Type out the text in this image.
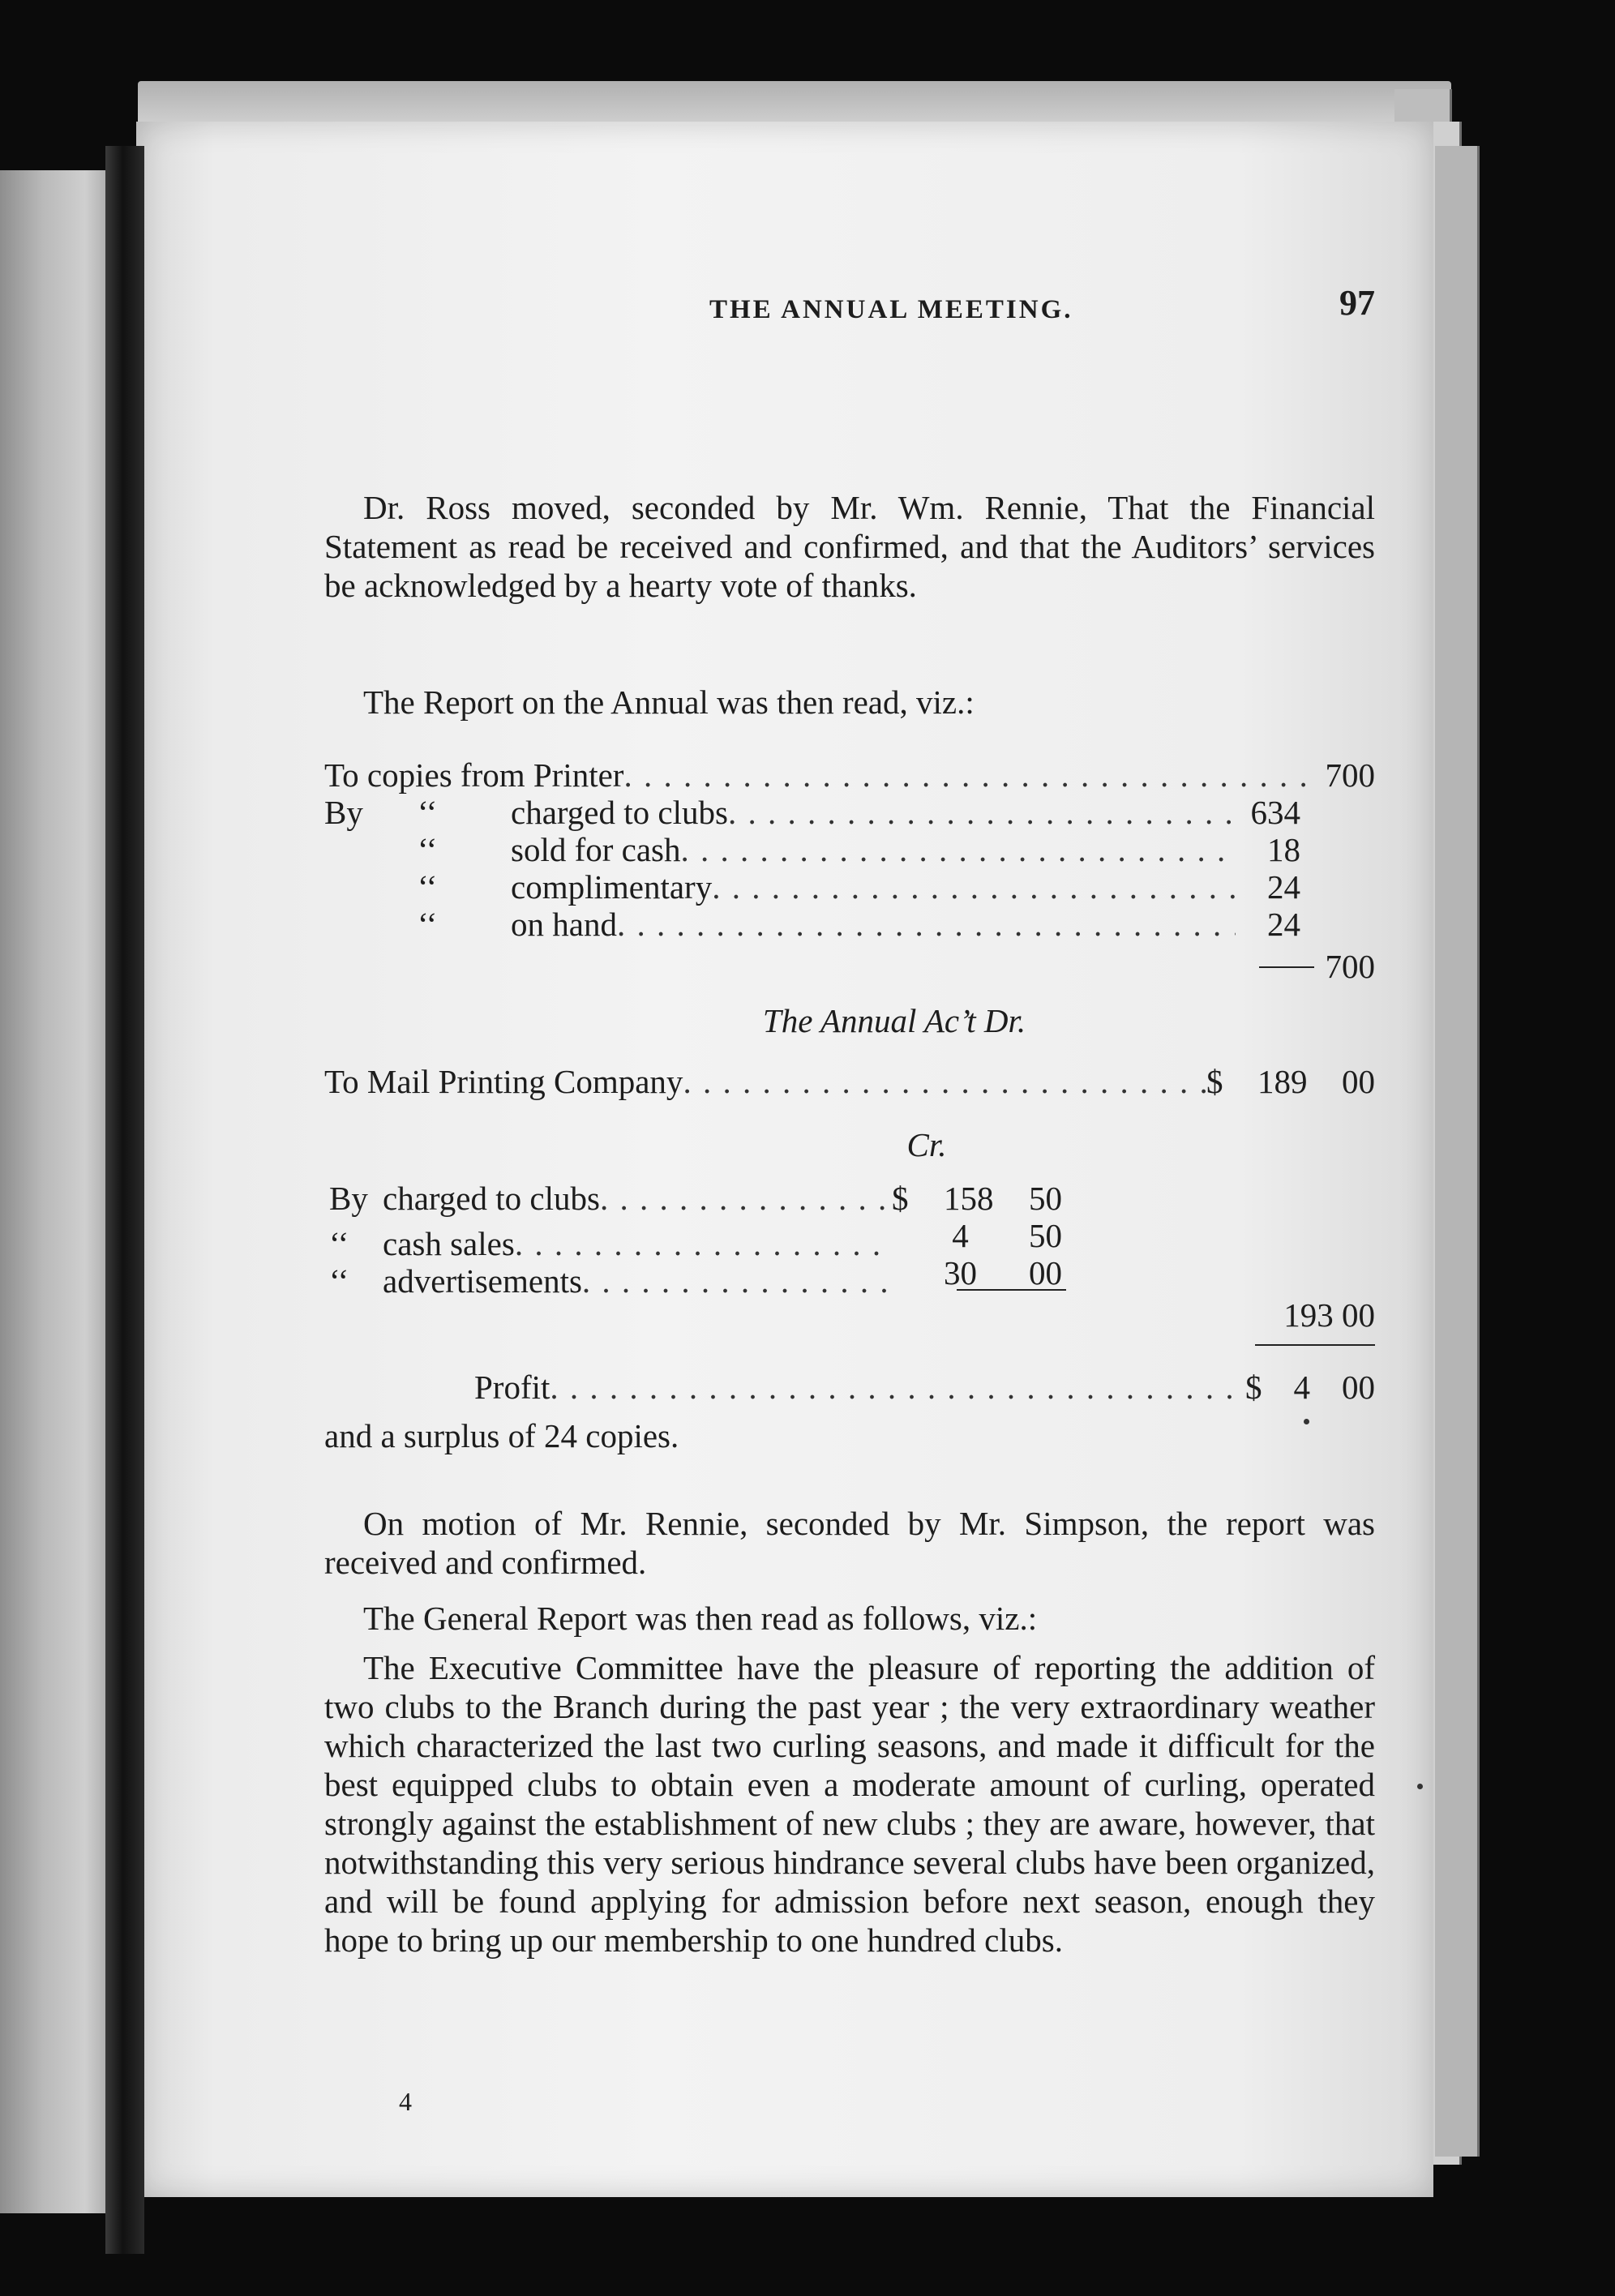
THE ANNUAL MEETING.	97

Dr. Ross moved, seconded by Mr. Wm. Rennie, That the Financial Statement as read be received and confirmed, and that the Auditors’ services be acknowledged by a hearty vote of thanks.

The Report on the Annual was then read, viz.:

To copies from Printer . . .	700
By ‘‘ charged to clubs . . .	634
‘‘ sold for cash . . .	18
‘‘ complimentary . . .	24
‘‘ on hand . . .	24
700
The Annual Ac’t Dr.
To Mail Printing Company . . .	$ 189 00
Cr.
By charged to clubs . . .	$ 158 50
‘‘ cash sales . . .	4 50
‘‘ advertisements . . .	30 00
193 00
Profit . . .	$ 4 00
and a surplus of 24 copies.

On motion of Mr. Rennie, seconded by Mr. Simpson, the report was received and confirmed.

The General Report was then read as follows, viz.:

The Executive Committee have the pleasure of reporting the addition of two clubs to the Branch during the past year ; the very extraordinary weather which characterized the last two curling seasons, and made it difficult for the best equipped clubs to obtain even a moderate amount of curling, operated strongly against the establishment of new clubs ; they are aware, however, that notwithstanding this very serious hindrance several clubs have been organized, and will be found applying for admission before next season, enough they hope to bring up our membership to one hundred clubs.

4
